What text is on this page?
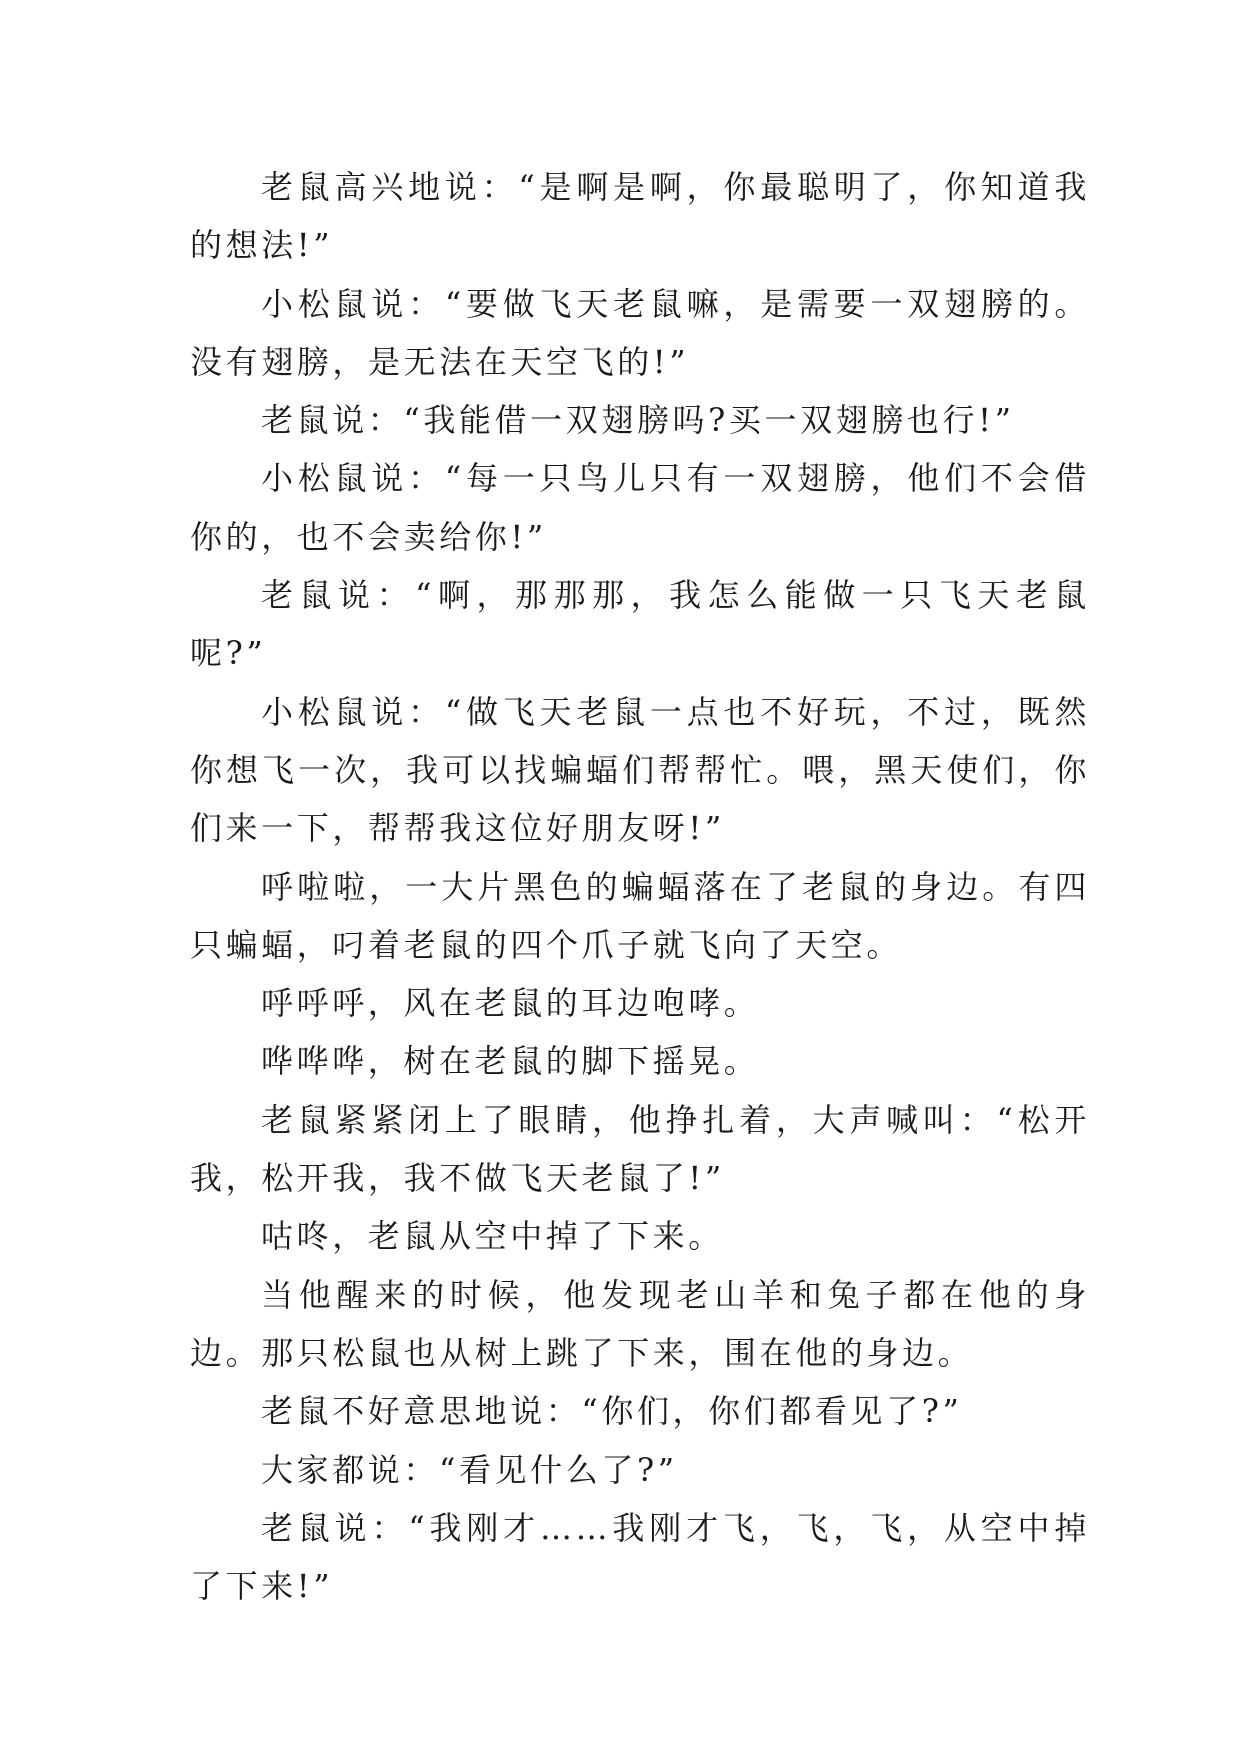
老鼠高兴地说：“是啊是啊，你最聪明了，你知道我的想法!”

小松鼠说：“要做飞天老鼠嘛，是需要一双翅膀的。没有翅膀，是无法在天空飞的!”

老鼠说：“我能借一双翅膀吗?买一双翅膀也行!”

小松鼠说：“每一只鸟儿只有一双翅膀，他们不会借你的，也不会卖给你!”

老鼠说：“啊，那那那，我怎么能做一只飞天老鼠呢?”

小松鼠说：“做飞天老鼠一点也不好玩，不过，既然你想飞一次，我可以找蝙蝠们帮帮忙。喂，黑天使们，你们来一下，帮帮我这位好朋友呀!”

呼啦啦，一大片黑色的蝙蝠落在了老鼠的身边。有四只蝙蝠，叼着老鼠的四个爪子就飞向了天空。

呼呼呼，风在老鼠的耳边咆哮。

哗哗哗，树在老鼠的脚下摇晃。

老鼠紧紧闭上了眼睛，他挣扎着，大声喊叫：“松开我，松开我，我不做飞天老鼠了!”

咕咚，老鼠从空中掉了下来。

当他醒来的时候，他发现老山羊和兔子都在他的身边。那只松鼠也从树上跳了下来，围在他的身边。

老鼠不好意思地说：“你们，你们都看见了?”

大家都说：“看见什么了?”

老鼠说：“我刚才……我刚才飞，飞，飞，从空中掉了下来!”
